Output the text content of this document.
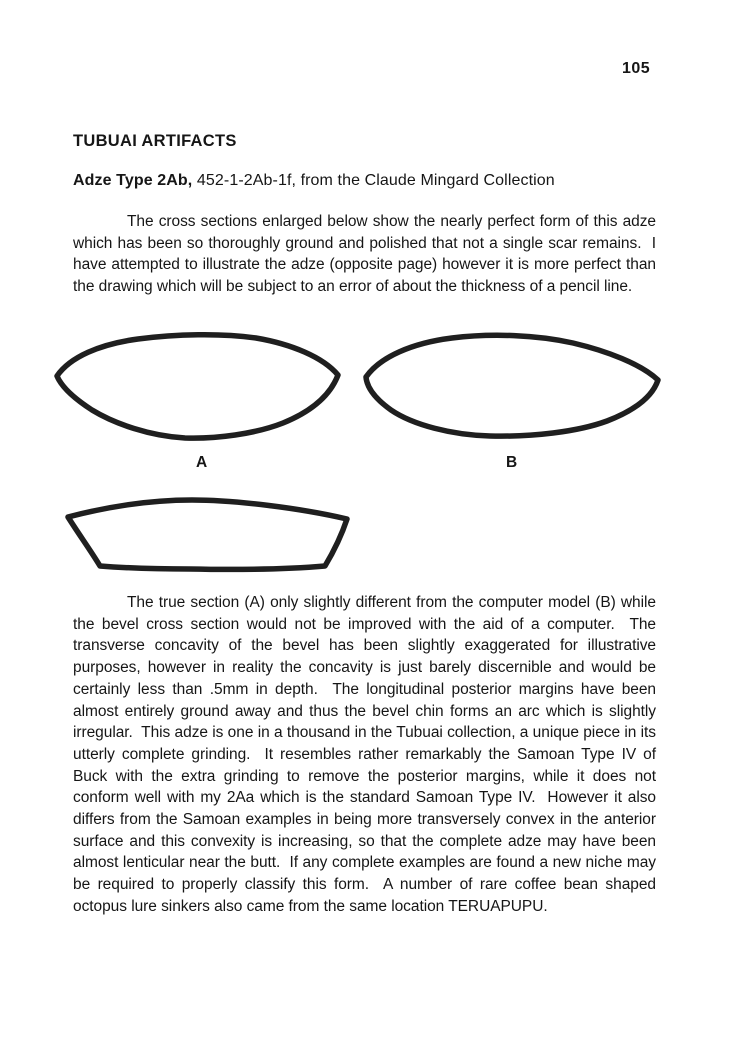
105
TUBUAI ARTIFACTS
Adze Type 2Ab, 452-1-2Ab-1f, from the Claude Mingard Collection
The cross sections enlarged below show the nearly perfect form of this adze which has been so thoroughly ground and polished that not a single scar remains.  I have attempted to illustrate the adze (opposite page) however it is more perfect than the drawing which will be subject to an error of about the thickness of a pencil line.
A	B
The true section (A) only slightly different from the computer model (B) while the bevel cross section would not be improved with the aid of a computer.  The transverse concavity of the bevel has been slightly exaggerated for illustrative purposes, however in reality the concavity is just barely discernible and would be certainly less than .5mm in depth.  The longitudinal posterior margins have been almost entirely ground away and thus the bevel chin forms an arc which is slightly irregular.  This adze is one in a thousand in the Tubuai collection, a unique piece in its utterly complete grinding.  It resembles rather remarkably the Samoan Type IV of Buck with the extra grinding to remove the posterior margins, while it does not conform well with my 2Aa which is the standard Samoan Type IV.  However it also differs from the Samoan examples in being more transversely convex in the anterior surface and this convexity is increasing, so that the complete adze may have been almost lenticular near the butt.  If any complete examples are found a new niche may be required to properly classify this form.  A number of rare coffee bean shaped octopus lure sinkers also came from the same location TERUAPUPU.
